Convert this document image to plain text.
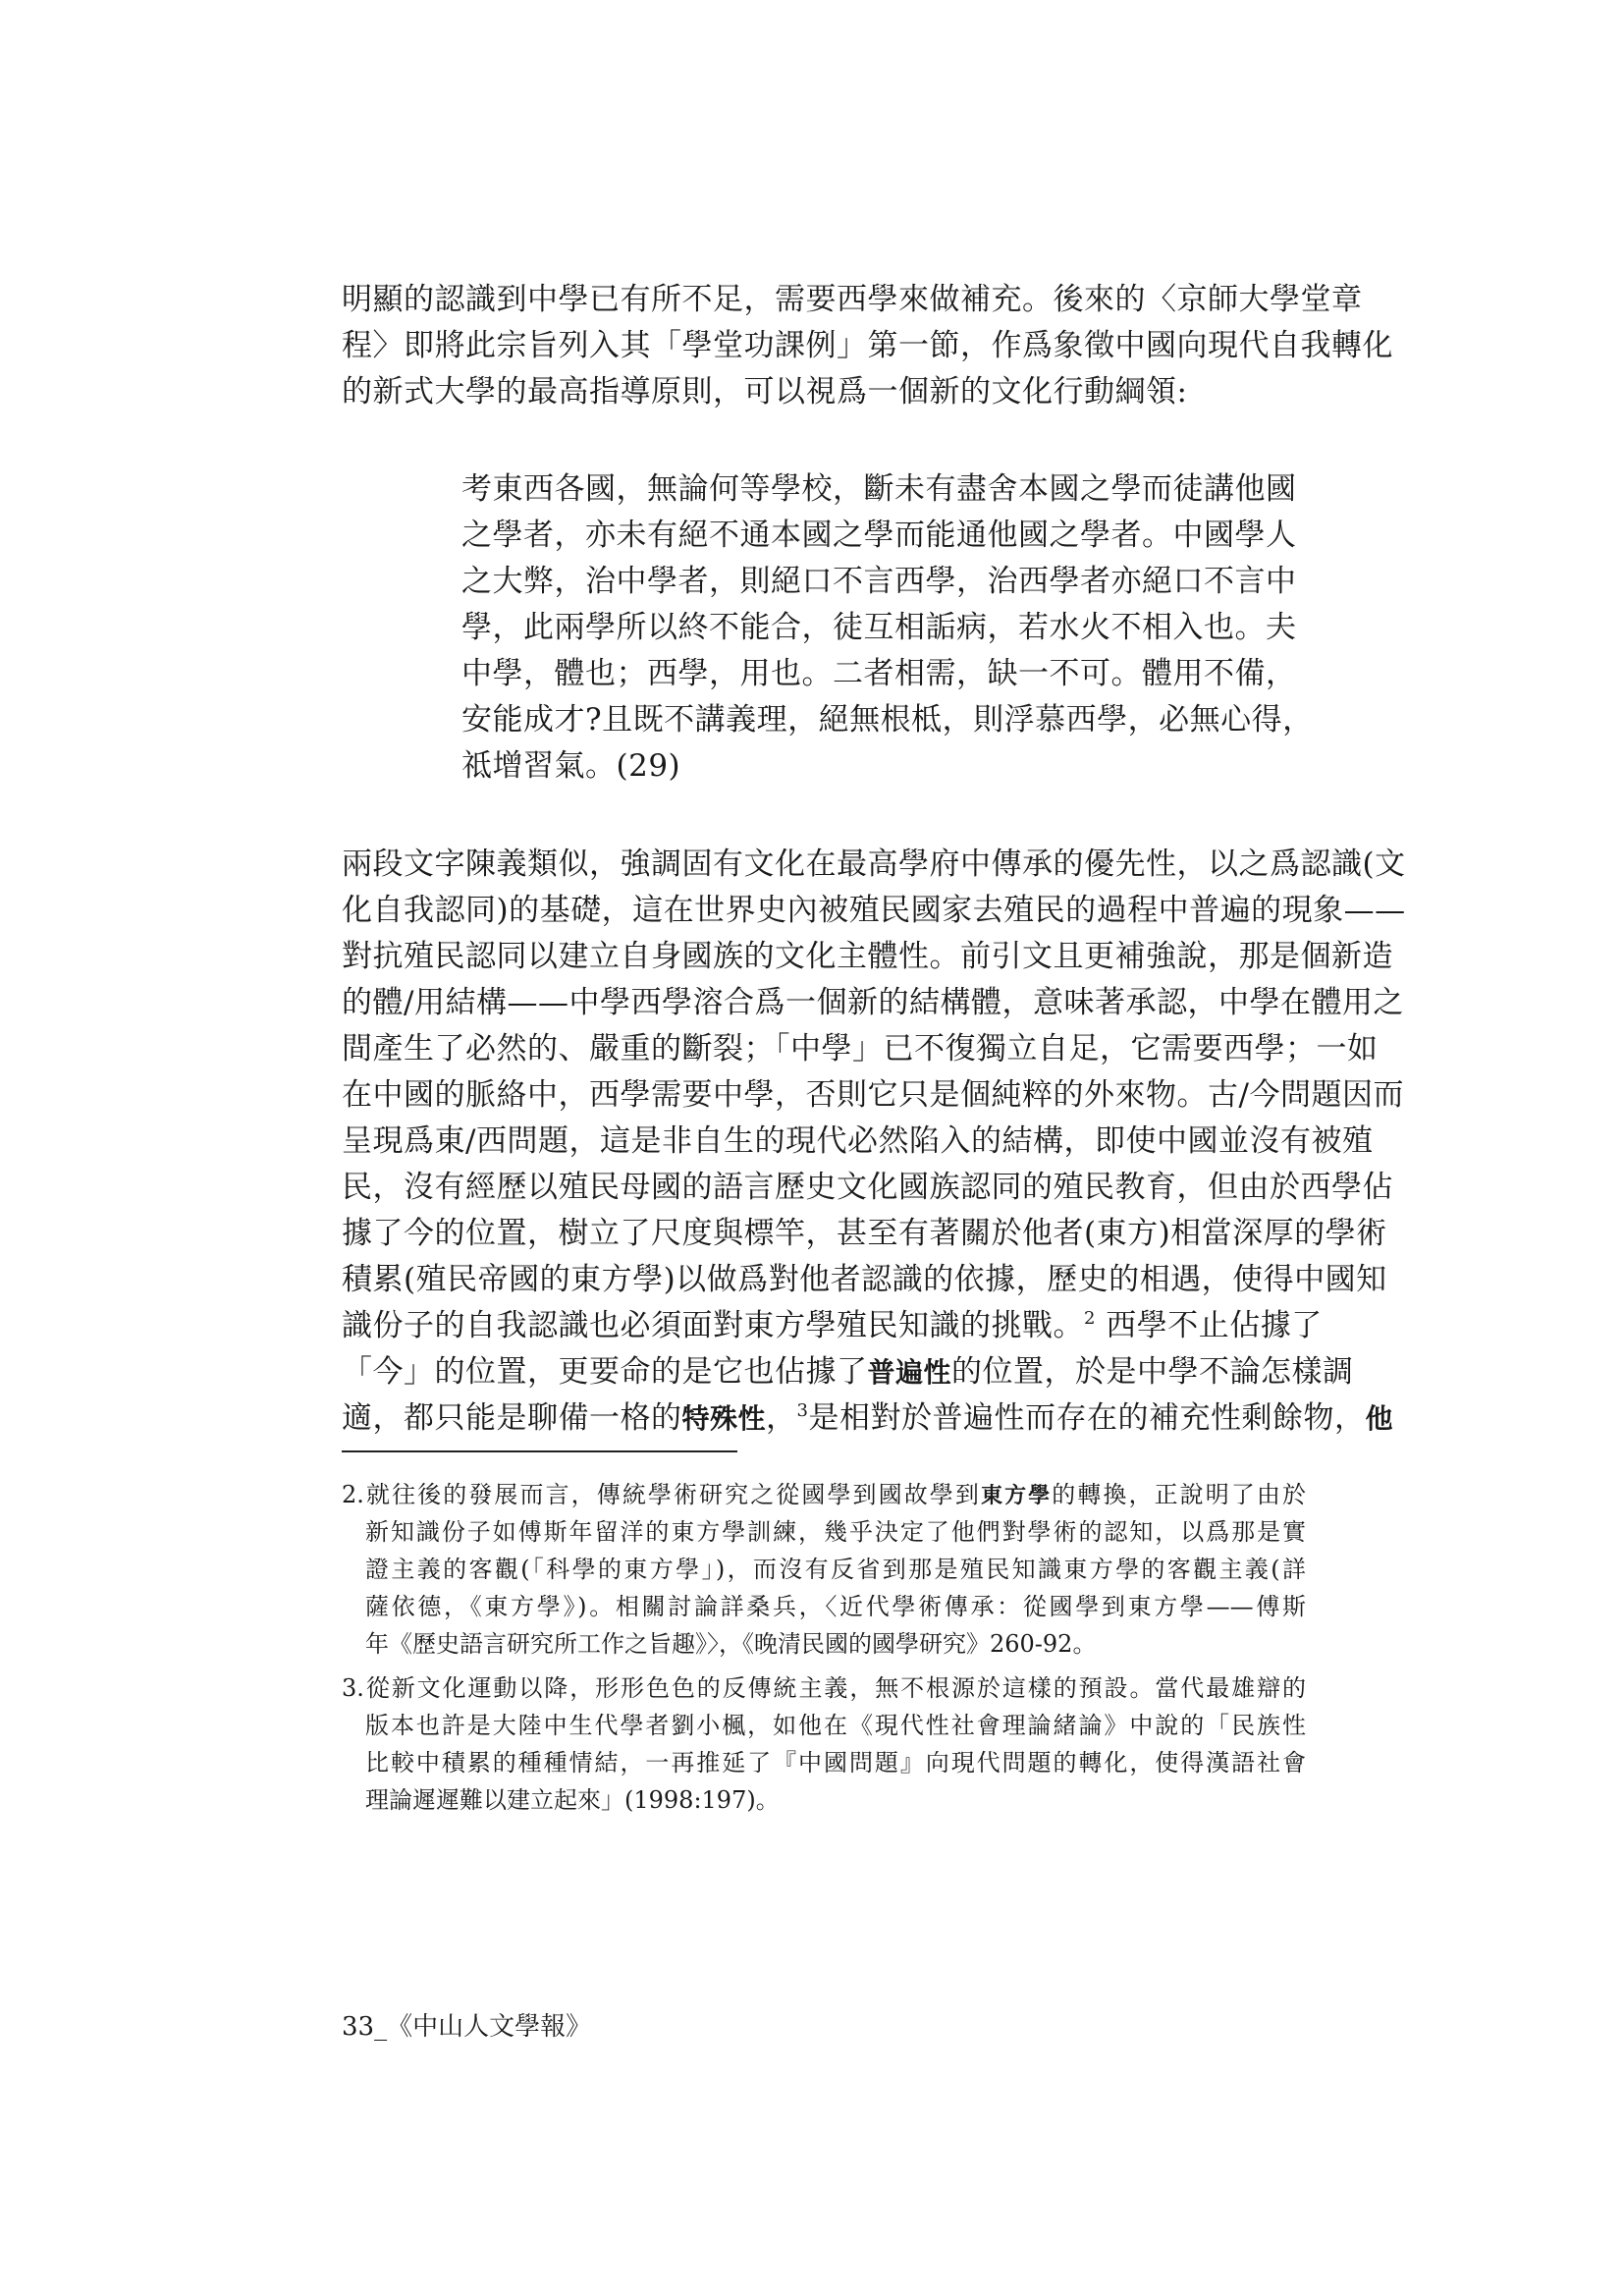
明顯的認識到中學已有所不足，需要西學來做補充。後來的〈京師大學堂章
程〉即將此宗旨列入其「學堂功課例」第一節，作爲象徵中國向現代自我轉化
的新式大學的最高指導原則，可以視爲一個新的文化行動綱領:
考東西各國，無論何等學校，斷未有盡舍本國之學而徒講他國
之學者，亦未有絕不通本國之學而能通他國之學者。中國學人
之大弊，治中學者，則絕口不言西學，治西學者亦絕口不言中
學，此兩學所以終不能合，徒互相詬病，若水火不相入也。夫
中學，體也；西學，用也。二者相需，缺一不可。體用不備，
安能成才?且既不講義理，絕無根柢，則浮慕西學，必無心得，
祗增習氣。(29)
兩段文字陳義類似，強調固有文化在最高學府中傳承的優先性，以之爲認識(文
化自我認同)的基礎，這在世界史內被殖民國家去殖民的過程中普遍的現象——
對抗殖民認同以建立自身國族的文化主體性。前引文且更補強說，那是個新造
的體/用結構——中學西學溶合爲一個新的結構體，意味著承認，中學在體用之
間產生了必然的、嚴重的斷裂；「中學」已不復獨立自足，它需要西學；一如
在中國的脈絡中，西學需要中學，否則它只是個純粹的外來物。古/今問題因而
呈現爲東/西問題，這是非自生的現代必然陷入的結構，即使中國並沒有被殖
民，沒有經歷以殖民母國的語言歷史文化國族認同的殖民教育，但由於西學佔
據了今的位置，樹立了尺度與標竿，甚至有著關於他者(東方)相當深厚的學術
積累(殖民帝國的東方學)以做爲對他者認識的依據，歷史的相遇，使得中國知
識份子的自我認識也必須面對東方學殖民知識的挑戰。$^2$ 西學不止佔據了
「今」的位置，更要命的是它也佔據了普遍性的位置，於是中學不論怎樣調
適，都只能是聊備一格的特殊性，$^3$是相對於普遍性而存在的補充性剩餘物，他
2.就往後的發展而言，傳統學術研究之從國學到國故學到東方學的轉換，正說明了由於
新知識份子如傅斯年留洋的東方學訓練，幾乎決定了他們對學術的認知，以爲那是實
證主義的客觀(「科學的東方學」)，而沒有反省到那是殖民知識東方學的客觀主義(詳
薩依德，《東方學》)。相關討論詳桑兵，〈近代學術傳承：從國學到東方學——傅斯
年《歷史語言研究所工作之旨趣》〉，《晚清民國的國學研究》260-92。
3.從新文化運動以降，形形色色的反傳統主義，無不根源於這樣的預設。當代最雄辯的
版本也許是大陸中生代學者劉小楓，如他在《現代性社會理論緒論》中說的「民族性
比較中積累的種種情結，一再推延了『中國問題』向現代問題的轉化，使得漢語社會
理論遲遲難以建立起來」(1998:197)。
33_《中山人文學報》
